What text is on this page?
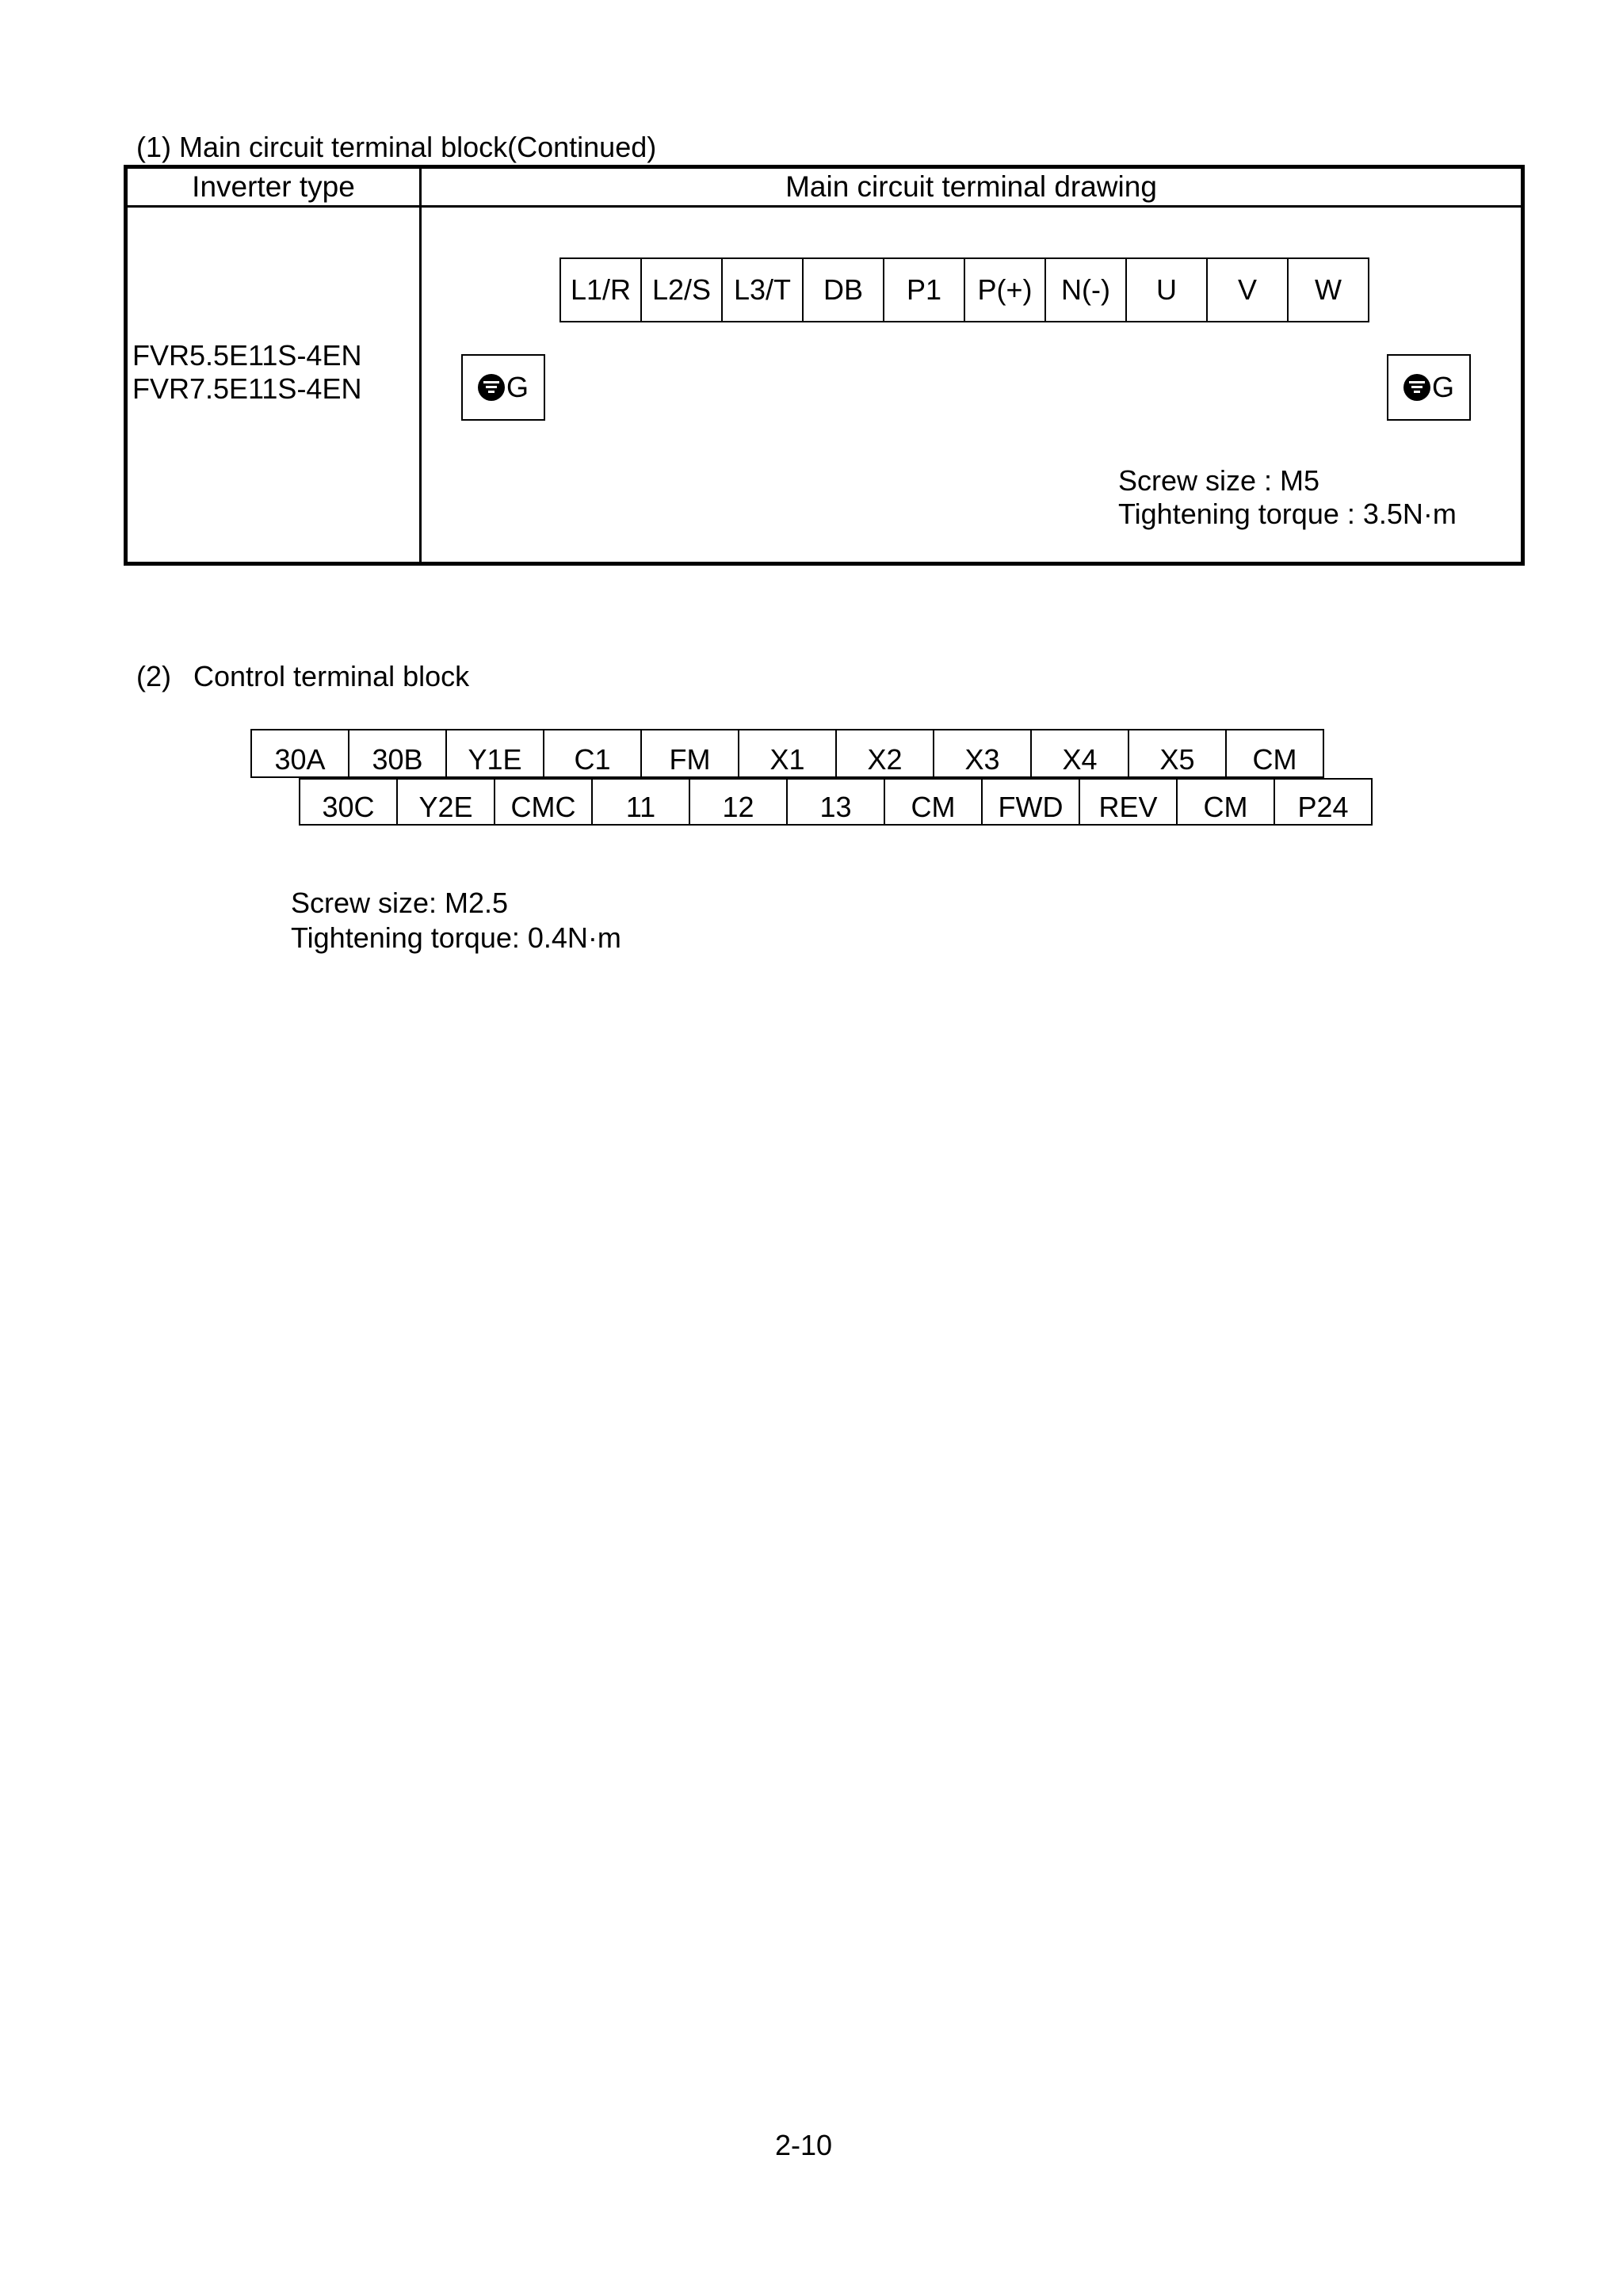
(1) Main circuit terminal block(Continued)
Inverter type	Main circuit terminal drawing
FVR5.5E11S-4EN
FVR7.5E11S-4EN
L1/R L2/S L3/T	DB	P1	P(+)	N(-)	U	V	W
G	G
Screw size : M5
Tightening torque : 3.5N·m
(2) Control terminal block
30A	30B	Y1E	C1	FM	X1	X2	X3	X4	X5	CM
30C	Y2E	CMC	11	12	13	CM	FWD	REV	CM	P24
Screw size: M2.5
Tightening torque: 0.4N·m
2-10
